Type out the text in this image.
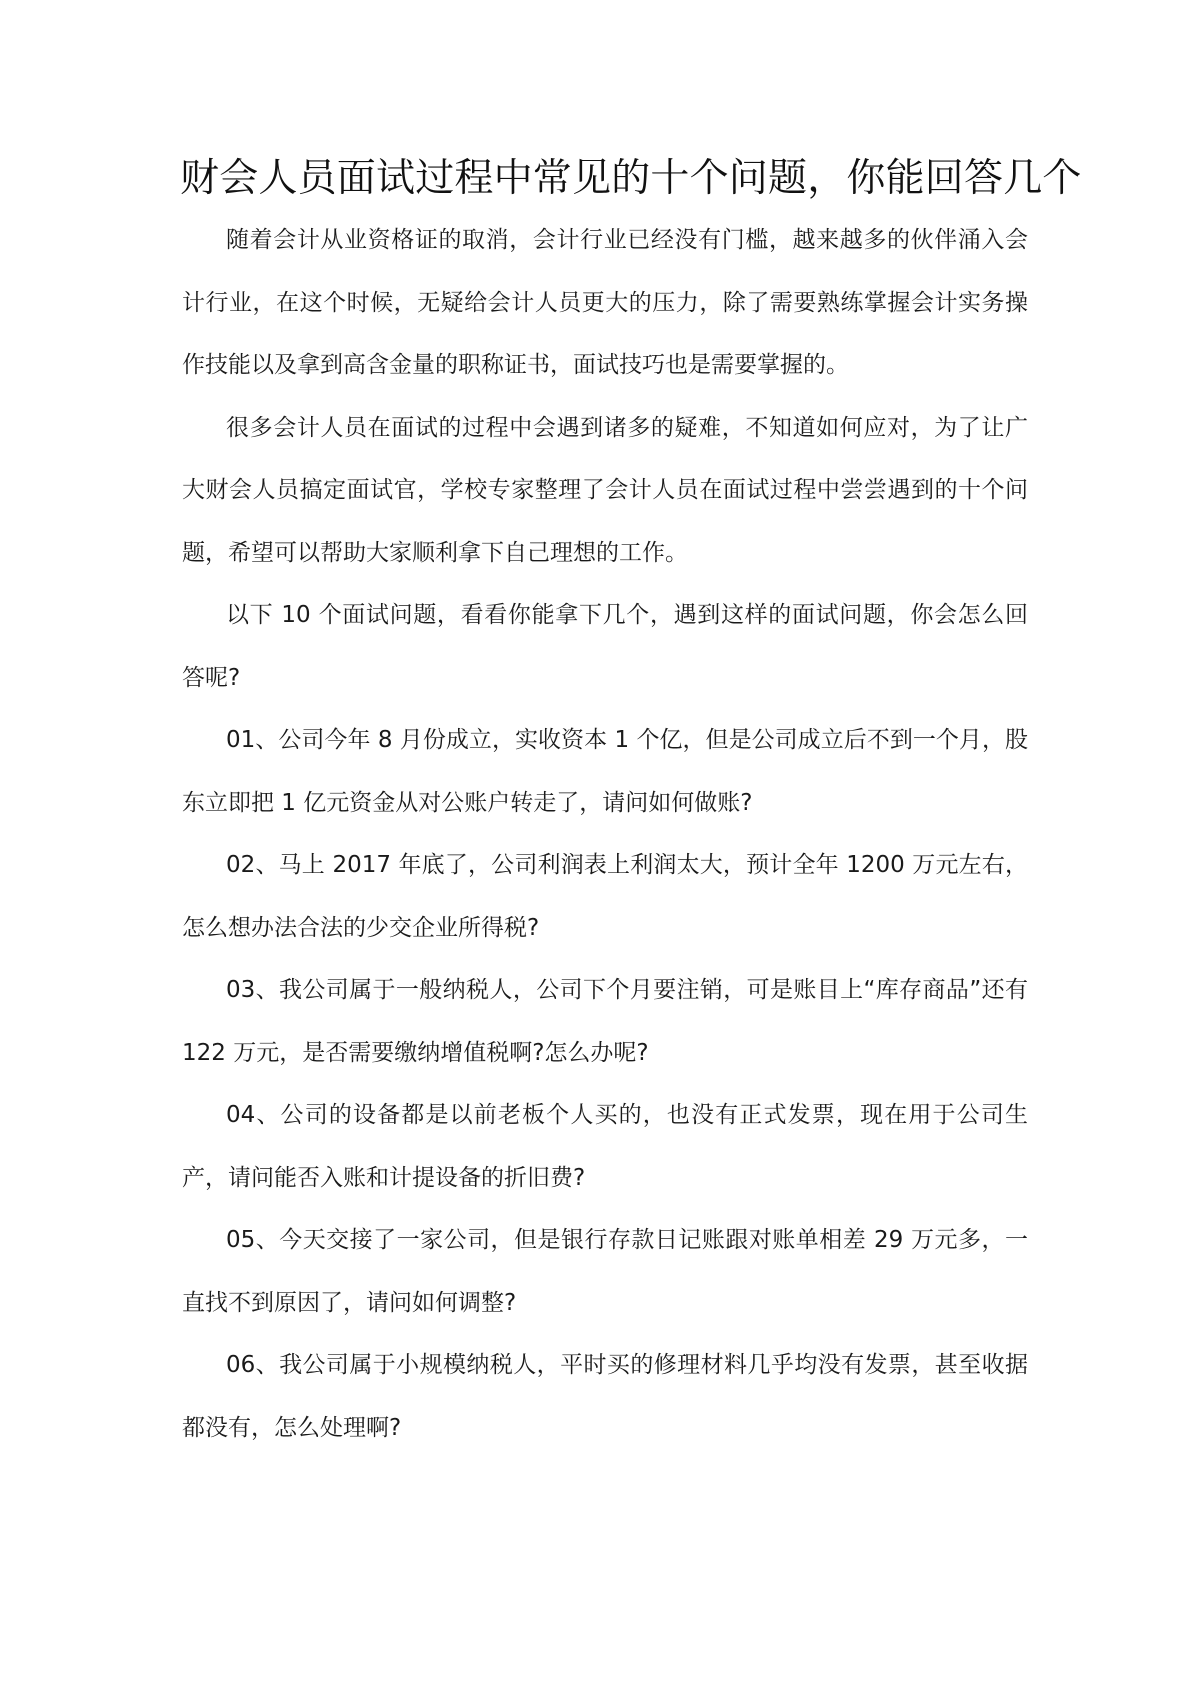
财会人员面试过程中常见的十个问题，你能回答几个

随着会计从业资格证的取消，会计行业已经没有门槛，越来越多的伙伴涌入会计行业，在这个时候，无疑给会计人员更大的压力，除了需要熟练掌握会计实务操作技能以及拿到高含金量的职称证书，面试技巧也是需要掌握的。

很多会计人员在面试的过程中会遇到诸多的疑难，不知道如何应对，为了让广大财会人员搞定面试官，学校专家整理了会计人员在面试过程中尝尝遇到的十个问题，希望可以帮助大家顺利拿下自己理想的工作。

以下 10 个面试问题，看看你能拿下几个，遇到这样的面试问题，你会怎么回答呢?

01、公司今年 8 月份成立，实收资本 1 个亿，但是公司成立后不到一个月，股东立即把 1 亿元资金从对公账户转走了，请问如何做账?

02、马上 2017 年底了，公司利润表上利润太大，预计全年 1200 万元左右，怎么想办法合法的少交企业所得税?

03、我公司属于一般纳税人，公司下个月要注销，可是账目上“库存商品”还有 122 万元，是否需要缴纳增值税啊?怎么办呢?

04、公司的设备都是以前老板个人买的，也没有正式发票，现在用于公司生产，请问能否入账和计提设备的折旧费?

05、今天交接了一家公司，但是银行存款日记账跟对账单相差 29 万元多，一直找不到原因了，请问如何调整?

06、我公司属于小规模纳税人，平时买的修理材料几乎均没有发票，甚至收据都没有，怎么处理啊?
